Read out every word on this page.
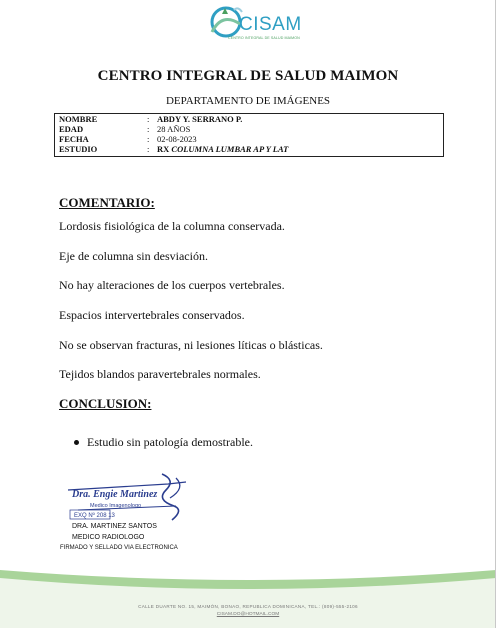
CISAM
CENTRO INTEGRAL DE SALUD MAIMON
CENTRO INTEGRAL DE SALUD MAIMON
DEPARTAMENTO DE IMÁGENES
NOMBRE	: ABDY Y. SERRANO P.
EDAD	: 28 AÑOS
FECHA	: 02-08-2023
ESTUDIO	: RX COLUMNA LUMBAR AP Y LAT
COMENTARIO:
Lordosis fisiológica de la columna conservada.
Eje de columna sin desviación.
No hay alteraciones de los cuerpos vertebrales.
Espacios intervertebrales conservados.
No se observan fracturas, ni lesiones líticas o blásticas.
Tejidos blandos paravertebrales normales.
CONCLUSION:
Estudio sin patología demostrable.
Dra. Engie Martinez
Medico Imagenologo
EXQ Nº 208 13
DRA. MARTINEZ SANTOS
MEDICO RADIOLOGO
FIRMADO Y SELLADO VIA ELECTRONICA
CALLE DUARTE NO. 15, MAIMÓN, BONAO, REPUBLICA DOMINICANA, TEL.: (809)-555-2106
CISAM.DO@HOTMAIL.COM
